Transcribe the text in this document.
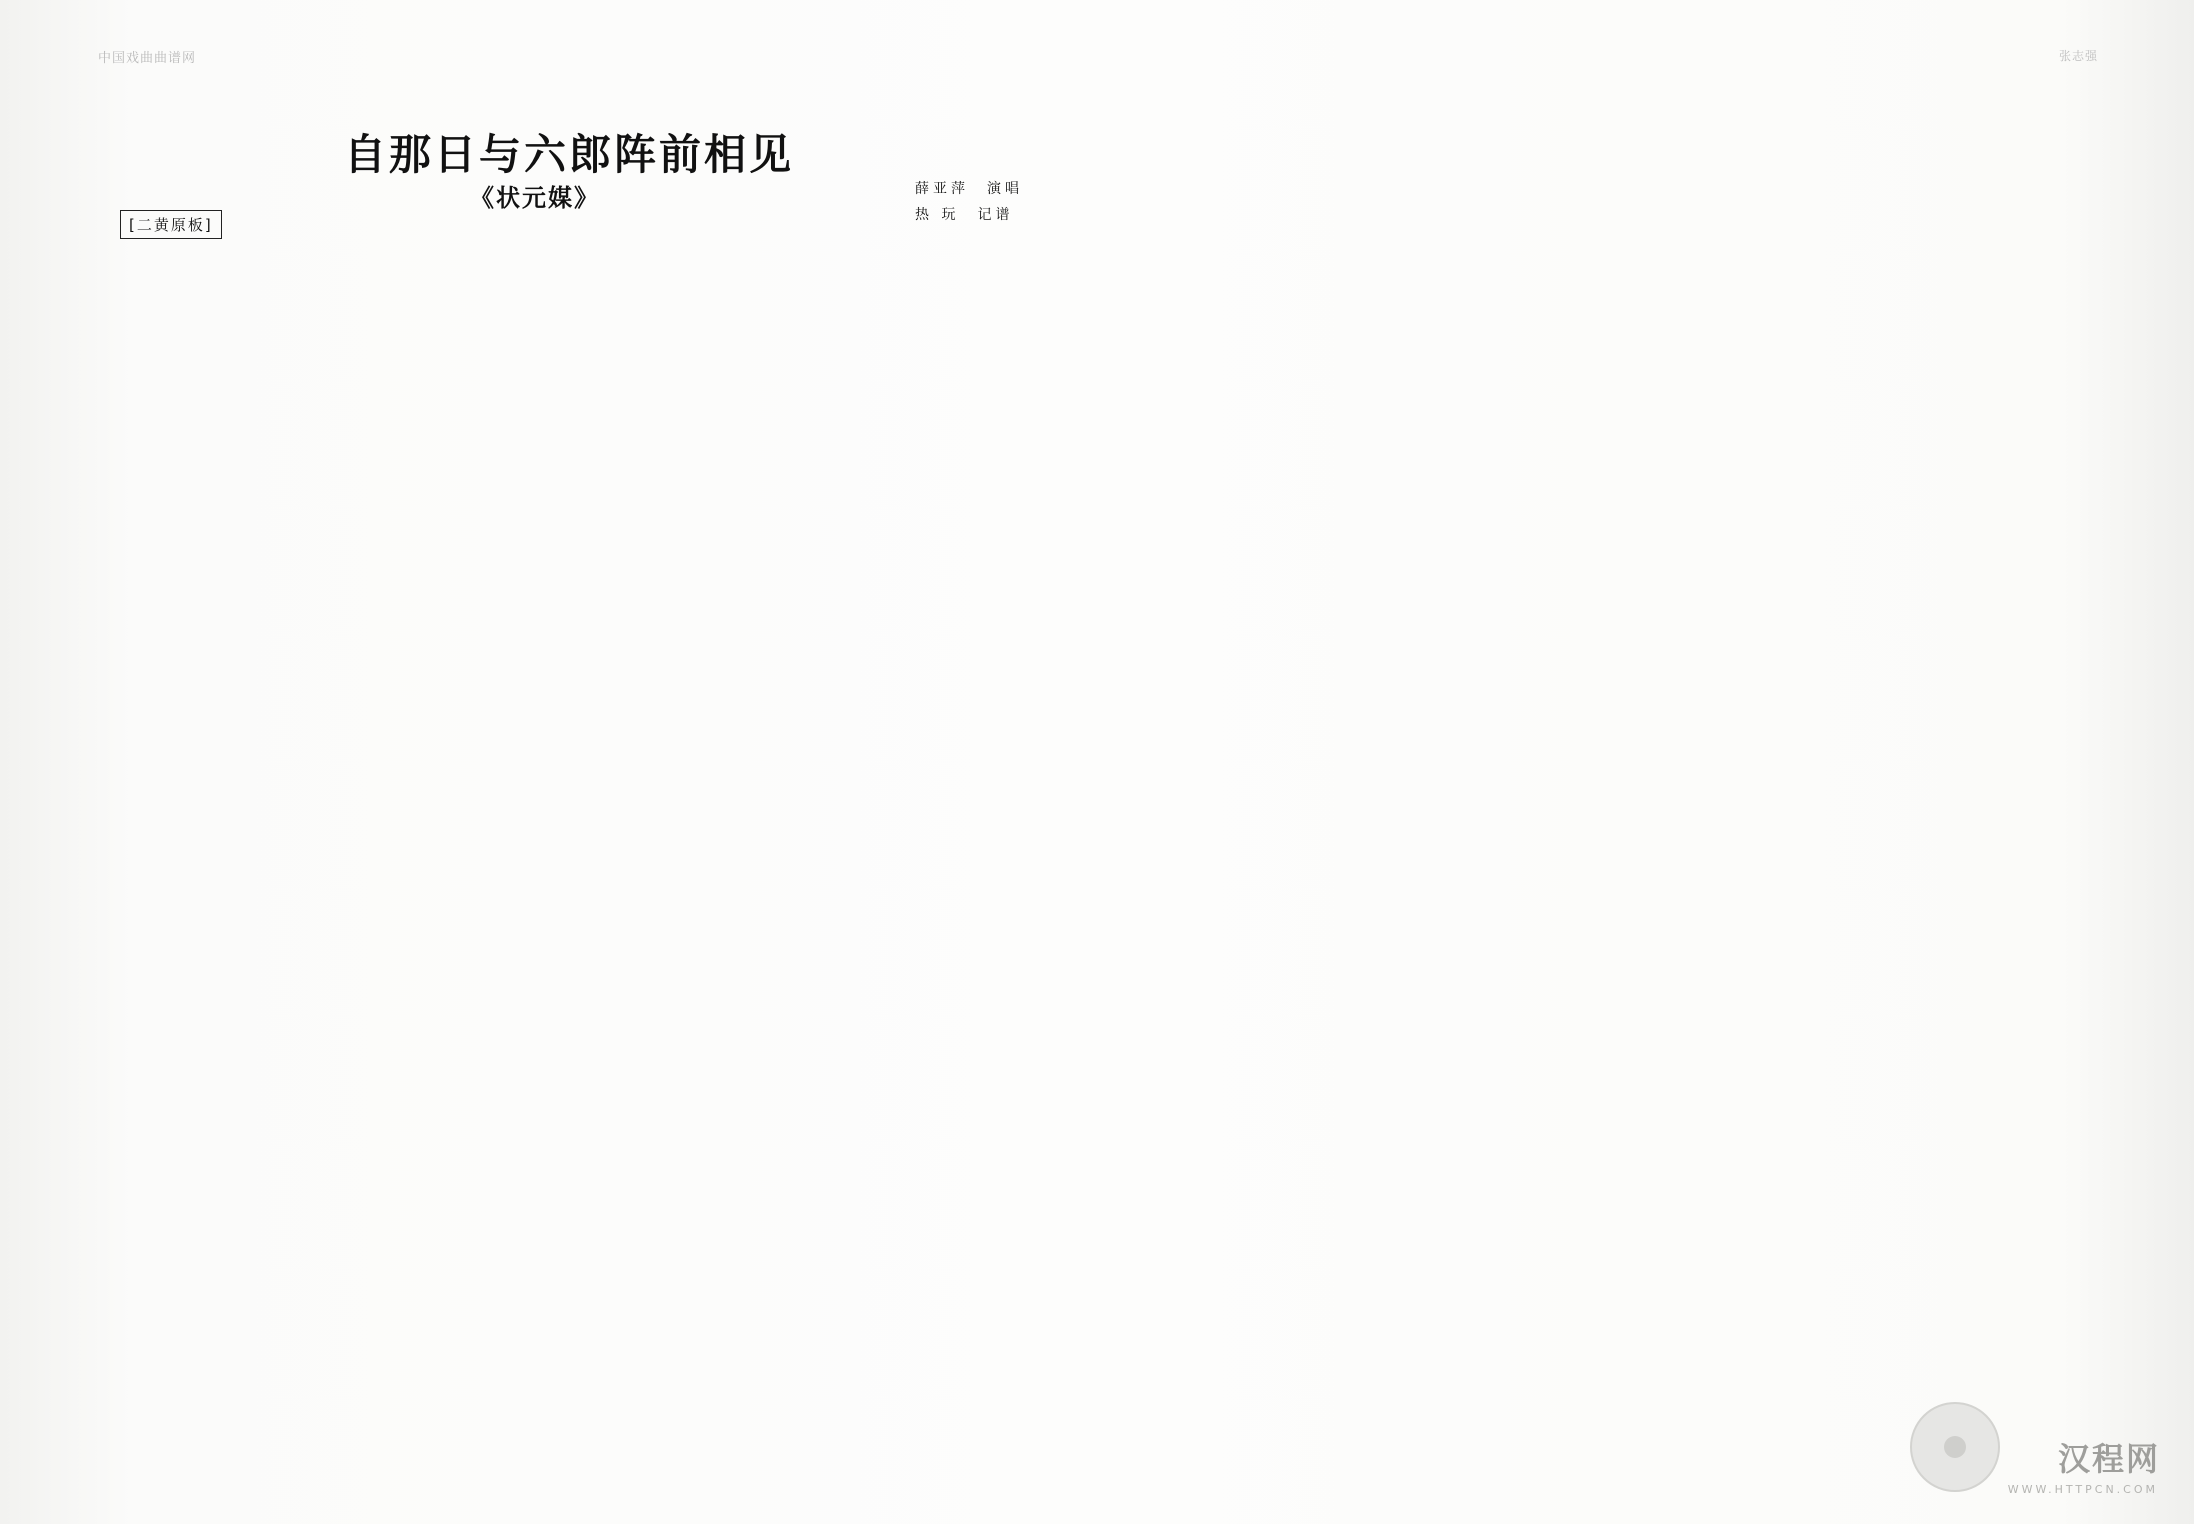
中国戏曲曲谱网	张志强
自那日与六郎阵前相见
《状元媒》	薛亚萍 演唱
热 玩 记谱
[二黄原板]
汉程网
WWW.HTTPCN.COM
